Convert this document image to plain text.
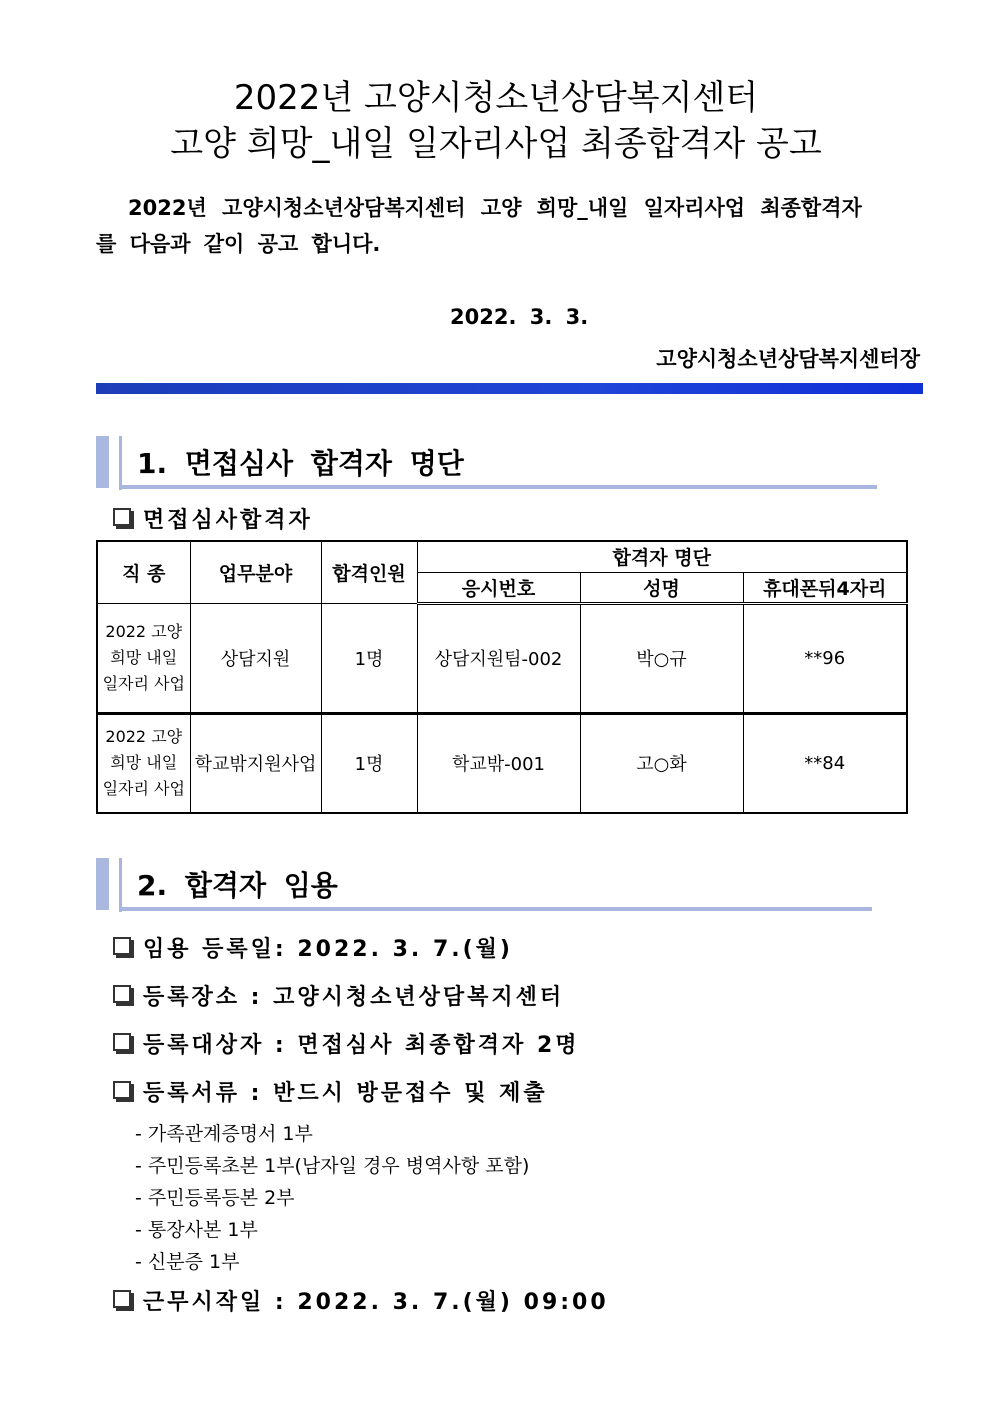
2022년 고양시청소년상담복지센터
고양 희망_내일 일자리사업 최종합격자 공고
2022년 고양시청소년상담복지센터 고양 희망_내일 일자리사업 최종합격자
를 다음과 같이 공고 합니다.
2022. 3. 3.
고양시청소년상담복지센터장
1. 면접심사 합격자 명단
면접심사합격자
직 종	업무분야	합격인원	합격자 명단		
			응시번호	성명	휴대폰뒤4자리

2022 고양
희망 내일
일자리 사업	상담지원	1명	상담지원팀-002	박○규	**96

2022 고양
희망 내일
일자리 사업	학교밖지원사업	1명	학교밖-001	고○화	**84
2. 합격자 임용
임용 등록일: 2022. 3. 7.(월)
등록장소 : 고양시청소년상담복지센터
등록대상자 : 면접심사 최종합격자 2명
등록서류 : 반드시 방문접수 및 제출
- 가족관계증명서 1부
- 주민등록초본 1부(남자일 경우 병역사항 포함)
- 주민등록등본 2부
- 통장사본 1부
- 신분증 1부
근무시작일 : 2022. 3. 7.(월) 09:00
